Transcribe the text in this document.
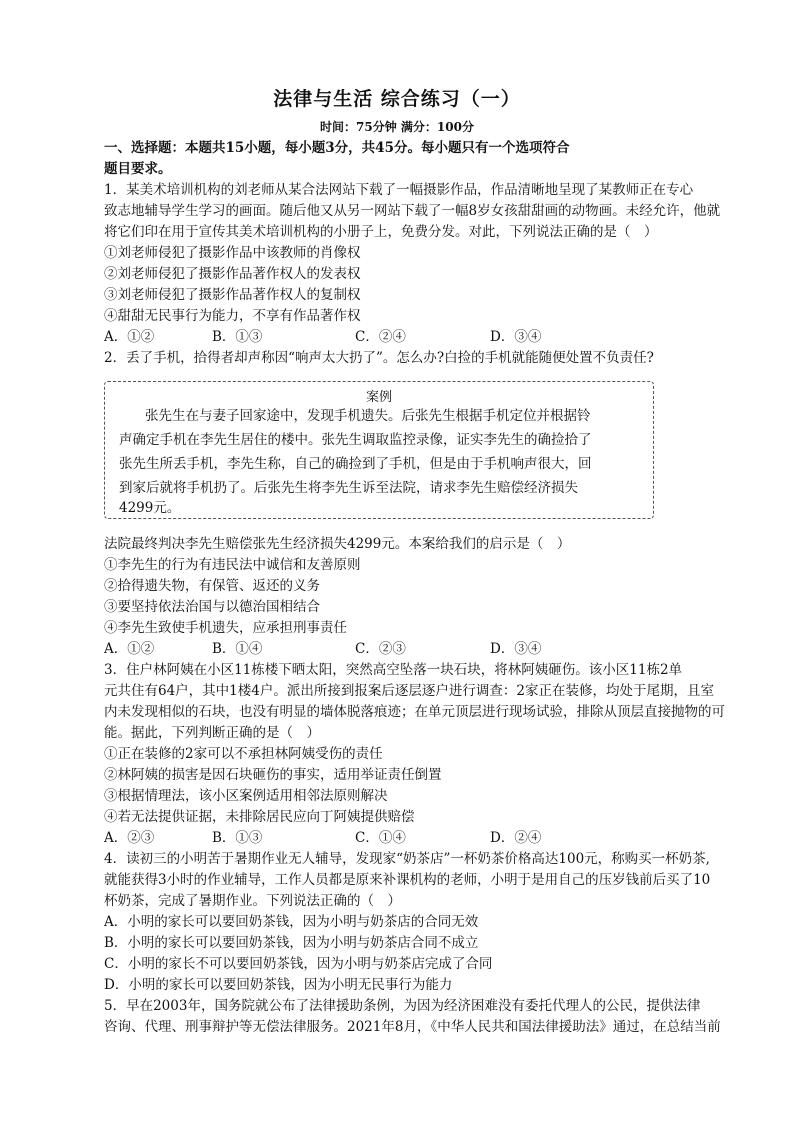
法律与生活 综合练习（一）
时间：75分钟 满分：100分
一、选择题：本题共15小题，每小题3分，共45分。每小题只有一个选项符合
题目要求。
1．某美术培训机构的刘老师从某合法网站下载了一幅摄影作品，作品清晰地呈现了某教师正在专心
致志地辅导学生学习的画面。随后他又从另一网站下载了一幅8岁女孩甜甜画的动物画。未经允许，他就
将它们印在用于宣传其美术培训机构的小册子上，免费分发。对此，下列说法正确的是（　）
①刘老师侵犯了摄影作品中该教师的肖像权
②刘老师侵犯了摄影作品著作权人的发表权
③刘老师侵犯了摄影作品著作权人的复制权
④甜甜无民事行为能力，不享有作品著作权
A．①②	B．①③	C．②④	D．③④
2．丢了手机，拾得者却声称因“响声太大扔了”。怎么办?白捡的手机就能随便处置不负责任?
案例
张先生在与妻子回家途中，发现手机遗失。后张先生根据手机定位并根据铃
声确定手机在李先生居住的楼中。张先生调取监控录像，证实李先生的确捡拾了
张先生所丢手机，李先生称，自己的确捡到了手机，但是由于手机响声很大，回
到家后就将手机扔了。后张先生将李先生诉至法院，请求李先生赔偿经济损失
4299元。
法院最终判决李先生赔偿张先生经济损失4299元。本案给我们的启示是（　）
①李先生的行为有违民法中诚信和友善原则
②拾得遗失物，有保管、返还的义务
③要坚持依法治国与以德治国相结合
④李先生致使手机遗失，应承担刑事责任
A．①②	B．①④	C．②③	D．③④
3．住户林阿姨在小区11栋楼下晒太阳，突然高空坠落一块石块，将林阿姨砸伤。该小区11栋2单
元共住有64户，其中1楼4户。派出所接到报案后逐层逐户进行调查：2家正在装修，均处于尾期，且室
内未发现相似的石块，也没有明显的墙体脱落痕迹；在单元顶层进行现场试验，排除从顶层直接抛物的可
能。据此，下列判断正确的是（　）
①正在装修的2家可以不承担林阿姨受伤的责任
②林阿姨的损害是因石块砸伤的事实，适用举证责任倒置
③根据情理法，该小区案例适用相邻法原则解决
④若无法提供证据，未排除居民应向丁阿姨提供赔偿
A．②③	B．①③	C．①④	D．②④
4．读初三的小明苦于暑期作业无人辅导，发现家“奶茶店”一杯奶茶价格高达100元，称购买一杯奶茶,
就能获得3小时的作业辅导，工作人员都是原来补课机构的老师，小明于是用自己的压岁钱前后买了10
杯奶茶，完成了暑期作业。下列说法正确的（　）
A．小明的家长可以要回奶茶钱，因为小明与奶茶店的合同无效
B．小明的家长可以要回奶茶钱，因为小明与奶茶店合同不成立
C．小明的家长不可以要回奶茶钱，因为小明与奶茶店完成了合同
D．小明的家长可以要回奶茶钱，因为小明无民事行为能力
5．早在2003年，国务院就公布了法律援助条例，为因为经济困难没有委托代理人的公民，提供法律
咨询、代理、刑事辩护等无偿法律服务。2021年8月，《中华人民共和国法律援助法》通过，在总结当前
